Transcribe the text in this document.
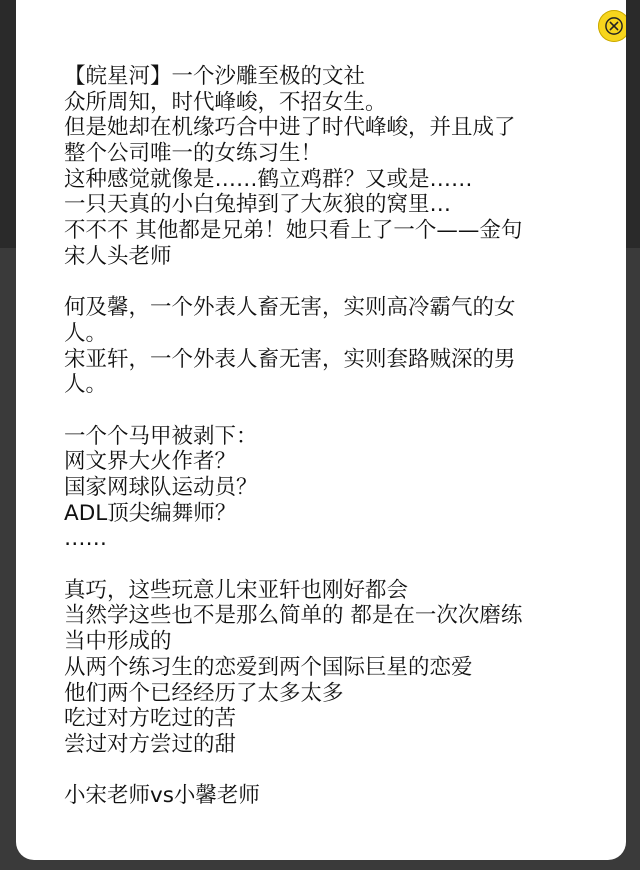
【皖星河】一个沙雕至极的文社
众所周知，时代峰峻，不招女生。
但是她却在机缘巧合中进了时代峰峻，并且成了
整个公司唯一的女练习生！
这种感觉就像是……鹤立鸡群？又或是……
一只天真的小白兔掉到了大灰狼的窝里…
不不不 其他都是兄弟！她只看上了一个——金句
宋人头老师
何及馨，一个外表人畜无害，实则高冷霸气的女
人。
宋亚轩，一个外表人畜无害，实则套路贼深的男
人。
一个个马甲被剥下：
网文界大火作者？
国家网球队运动员？
ADL顶尖编舞师？
……
真巧，这些玩意儿宋亚轩也刚好都会
当然学这些也不是那么简单的 都是在一次次磨练
当中形成的
从两个练习生的恋爱到两个国际巨星的恋爱
他们两个已经经历了太多太多
吃过对方吃过的苦
尝过对方尝过的甜
小宋老师vs小馨老师
